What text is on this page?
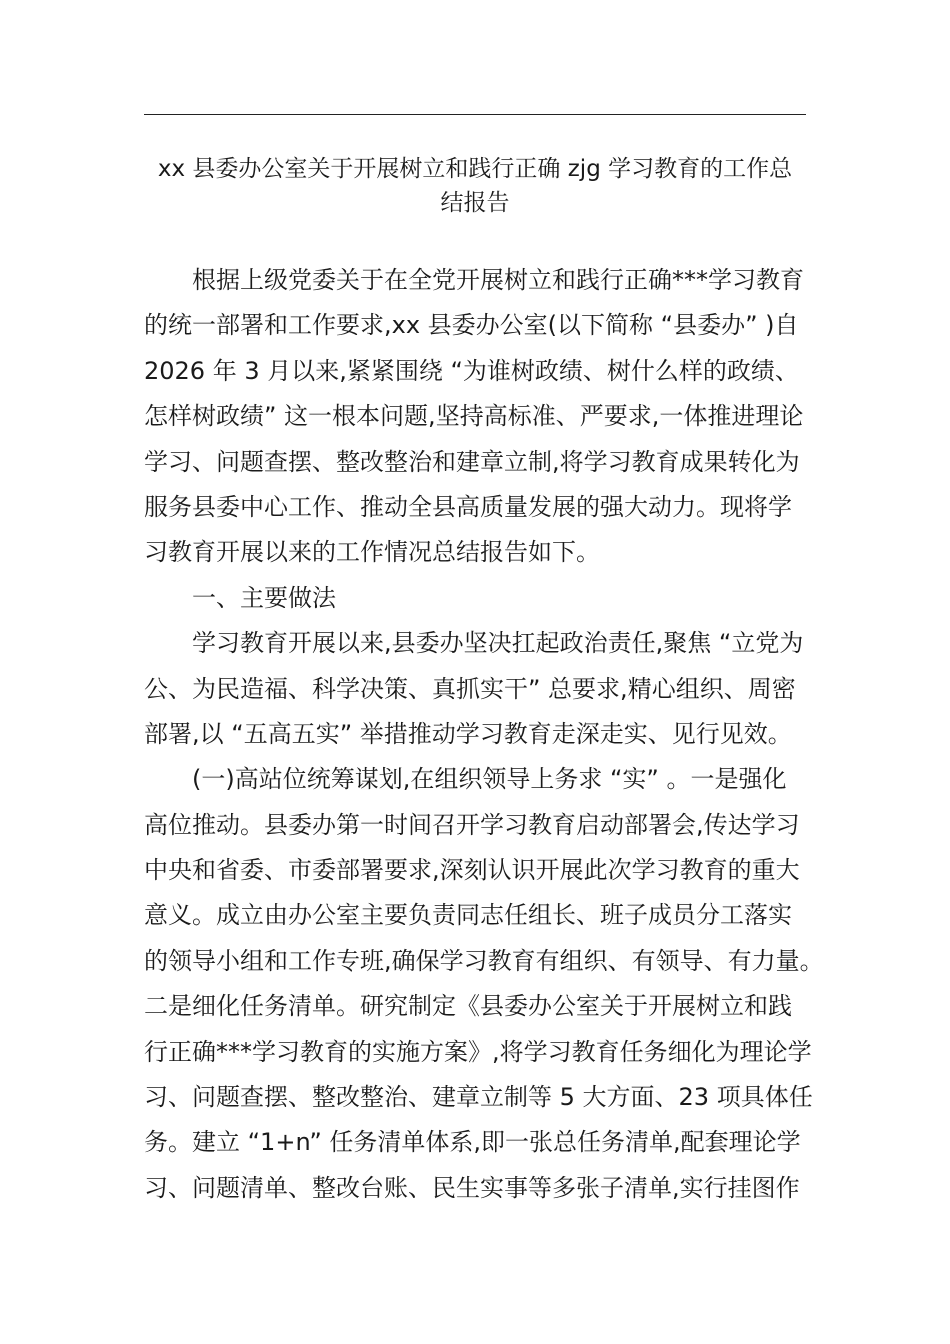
xx 县委办公室关于开展树立和践行正确 zjg 学习教育的工作总
结报告
根据上级党委关于在全党开展树立和践行正确***学习教育
的统一部署和工作要求,xx 县委办公室(以下简称 “县委办” )自
2026 年 3 月以来,紧紧围绕 “为谁树政绩、树什么样的政绩、
怎样树政绩” 这一根本问题,坚持高标准、严要求,一体推进理论
学习、问题查摆、整改整治和建章立制,将学习教育成果转化为
服务县委中心工作、推动全县高质量发展的强大动力。现将学
习教育开展以来的工作情况总结报告如下。
一、主要做法
学习教育开展以来,县委办坚决扛起政治责任,聚焦 “立党为
公、为民造福、科学决策、真抓实干” 总要求,精心组织、周密
部署,以 “五高五实” 举措推动学习教育走深走实、见行见效。
(一)高站位统筹谋划,在组织领导上务求 “实” 。一是强化
高位推动。县委办第一时间召开学习教育启动部署会,传达学习
中央和省委、市委部署要求,深刻认识开展此次学习教育的重大
意义。成立由办公室主要负责同志任组长、班子成员分工落实
的领导小组和工作专班,确保学习教育有组织、有领导、有力量。
二是细化任务清单。研究制定《县委办公室关于开展树立和践
行正确***学习教育的实施方案》,将学习教育任务细化为理论学
习、问题查摆、整改整治、建章立制等 5 大方面、23 项具体任
务。建立 “1+n” 任务清单体系,即一张总任务清单,配套理论学
习、问题清单、整改台账、民生实事等多张子清单,实行挂图作
